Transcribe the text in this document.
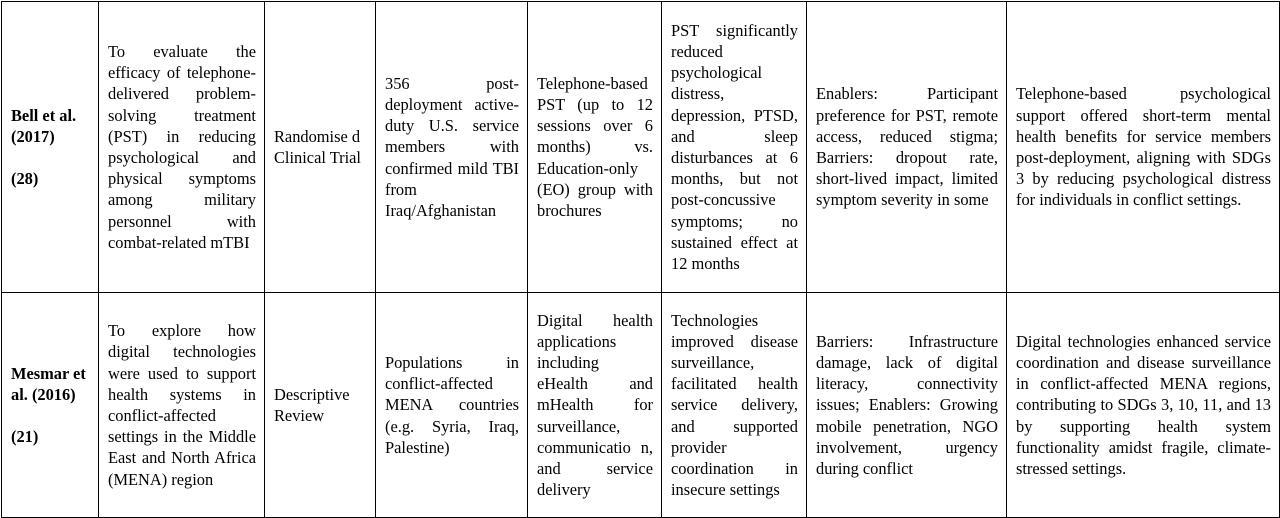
Bell et al. (2017)
(28)	To evaluate the efficacy of telephone-delivered problem-solving treatment (PST) in reducing psychological and physical symptoms among military personnel with combat-related mTBI	Randomise d Clinical Trial	356 post-deployment active-duty U.S. service members with confirmed mild TBI from Iraq/Afghanistan	Telephone-based PST (up to 12 sessions over 6 months) vs. Education-only (EO) group with brochures	PST significantly reduced psychological distress, depression, PTSD, and sleep disturbances at 6 months, but not post-concussive symptoms; no sustained effect at 12 months	Enablers: Participant preference for PST, remote access, reduced stigma; Barriers: dropout rate, short-lived impact, limited symptom severity in some	Telephone-based psychological support offered short-term mental health benefits for service members post-deployment, aligning with SDGs 3 by reducing psychological distress for individuals in conflict settings.

Mesmar et al. (2016)
(21)	To explore how digital technologies were used to support health systems in conflict-affected settings in the Middle East and North Africa (MENA) region	Descriptive Review	Populations in conflict-affected MENA countries (e.g. Syria, Iraq, Palestine)	Digital health applications including eHealth and mHealth for surveillance, communicatio n, and service delivery	Technologies improved disease surveillance, facilitated health service delivery, and supported provider coordination in insecure settings	Barriers: Infrastructure damage, lack of digital literacy, connectivity issues; Enablers: Growing mobile penetration, NGO involvement, urgency during conflict	Digital technologies enhanced service coordination and disease surveillance in conflict-affected MENA regions, contributing to SDGs 3, 10, 11, and 13 by supporting health system functionality amidst fragile, climate-stressed settings.
